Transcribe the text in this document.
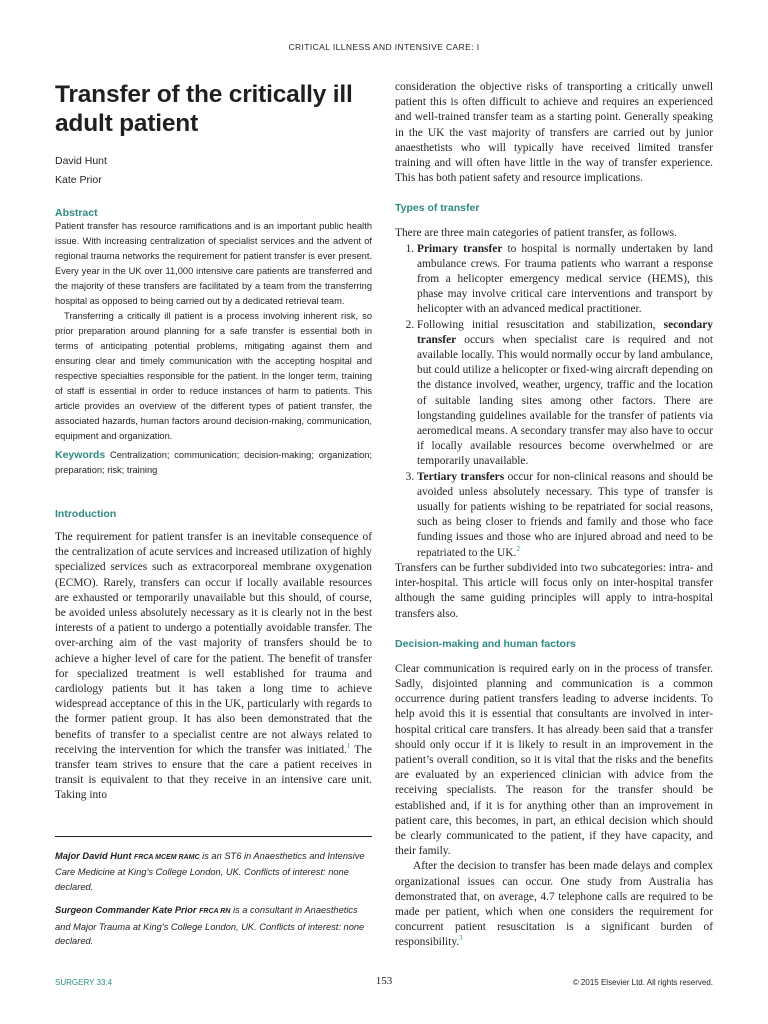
CRITICAL ILLNESS AND INTENSIVE CARE: I
Transfer of the critically ill adult patient
David Hunt
Kate Prior
Abstract

Patient transfer has resource ramifications and is an important public health issue. With increasing centralization of specialist services and the advent of regional trauma networks the requirement for patient transfer is ever present. Every year in the UK over 11,000 intensive care patients are transferred and the majority of these transfers are facilitated by a team from the transferring hospital as opposed to being carried out by a dedicated retrieval team.

Transferring a critically ill patient is a process involving inherent risk, so prior preparation around planning for a safe transfer is essential both in terms of anticipating potential problems, mitigating against them and ensuring clear and timely communication with the accepting hospital and respective specialties responsible for the patient. In the longer term, training of staff is essential in order to reduce instances of harm to patients. This article provides an overview of the different types of patient transfer, the associated hazards, human factors around decision-making, communication, equipment and organization.

Keywords Centralization; communication; decision-making; organization; preparation; risk; training

Introduction

The requirement for patient transfer is an inevitable consequence of the centralization of acute services and increased utilization of highly specialized services such as extracorporeal membrane oxygenation (ECMO). Rarely, transfers can occur if locally available resources are exhausted or temporarily unavailable but this should, of course, be avoided unless absolutely necessary as it is clearly not in the best interests of a patient to undergo a potentially avoidable transfer. The over-arching aim of the vast majority of transfers should be to achieve a higher level of care for the patient. The benefit of transfer for specialized treatment is well established for trauma and cardiology patients but it has taken a long time to achieve widespread acceptance of this in the UK, particularly with regards to the former patient group. It has also been demonstrated that the benefits of transfer to a specialist centre are not always related to receiving the intervention for which the transfer was initiated.$^1$ The transfer team strives to ensure that the care a patient receives in transit is equivalent to that they receive in an intensive care unit. Taking into

Major David Hunt FRCA MCEM RAMC is an ST6 in Anaesthetics and Intensive Care Medicine at King’s College London, UK. Conflicts of interest: none declared.

Surgeon Commander Kate Prior FRCA RN is a consultant in Anaesthetics and Major Trauma at King’s College London, UK. Conflicts of interest: none declared.

consideration the objective risks of transporting a critically unwell patient this is often difficult to achieve and requires an experienced and well-trained transfer team as a starting point. Generally speaking in the UK the vast majority of transfers are carried out by junior anaesthetists who will typically have received limited transfer training and will often have little in the way of transfer experience. This has both patient safety and resource implications.

Types of transfer

There are three main categories of patient transfer, as follows.

1. Primary transfer to hospital is normally undertaken by land ambulance crews. For trauma patients who warrant a response from a helicopter emergency medical service (HEMS), this phase may involve critical care interventions and transport by helicopter with an advanced medical practitioner.
2. Following initial resuscitation and stabilization, secondary transfer occurs when specialist care is required and not available locally. This would normally occur by land ambulance, but could utilize a helicopter or fixed-wing aircraft depending on the distance involved, weather, urgency, traffic and the location of suitable landing sites among other factors. There are longstanding guidelines available for the transfer of patients via aeromedical means. A secondary transfer may also have to occur if locally available resources become overwhelmed or are temporarily unavailable.
3. Tertiary transfers occur for non-clinical reasons and should be avoided unless absolutely necessary. This type of transfer is usually for patients wishing to be repatriated for social reasons, such as being closer to friends and family and those who face funding issues and those who are injured abroad and need to be repatriated to the UK.$^2$

Transfers can be further subdivided into two subcategories: intra- and inter-hospital. This article will focus only on inter-hospital transfer although the same guiding principles will apply to intra-hospital transfers also.

Decision-making and human factors

Clear communication is required early on in the process of transfer. Sadly, disjointed planning and communication is a common occurrence during patient transfers leading to adverse incidents. To help avoid this it is essential that consultants are involved in inter-hospital critical care transfers. It has already been said that a transfer should only occur if it is likely to result in an improvement in the patient’s overall condition, so it is vital that the risks and the benefits are evaluated by an experienced clinician with advice from the receiving specialists. The reason for the transfer should be established and, if it is for anything other than an improvement in patient care, this becomes, in part, an ethical decision which should be clearly communicated to the patient, if they have capacity, and their family.

After the decision to transfer has been made delays and complex organizational issues can occur. One study from Australia has demonstrated that, on average, 4.7 telephone calls are required to be made per patient, which when one considers the requirement for concurrent patient resuscitation is a significant burden of responsibility.$^3$

SURGERY 33:4	153	© 2015 Elsevier Ltd. All rights reserved.
